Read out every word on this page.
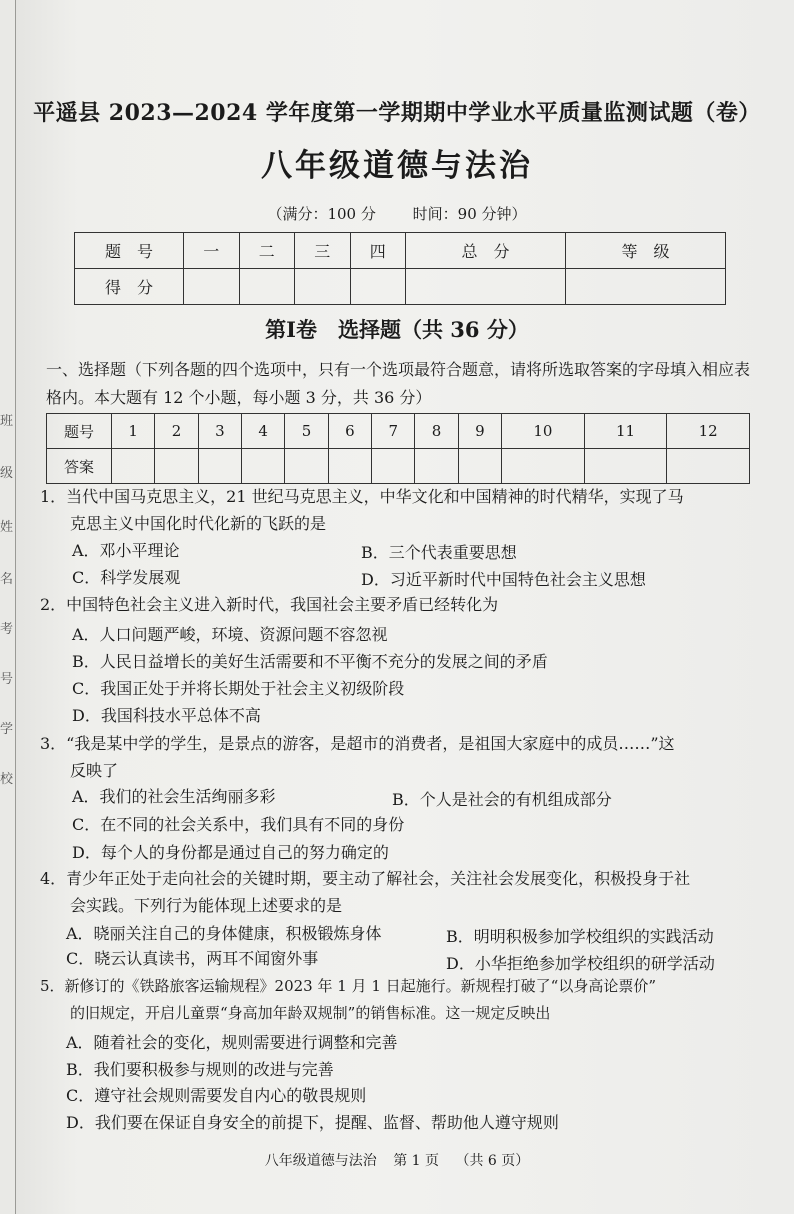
班
级
姓
名
考
号
学
校
平遥县 2023—2024 学年度第一学期期中学业水平质量监测试题（卷）
八年级道德与法治
（满分：100 分 时间：90 分钟）
题　号	一	二	三	四	总　分	等　级
得　分						
第Ⅰ卷　选择题（共 36 分）
一、选择题（下列各题的四个选项中，只有一个选项最符合题意，请将所选取答案的字母填入相应表格内。本大题有 12 个小题，每小题 3 分，共 36 分）
题号	1	2	3	4	5	6	7	8	9	10	11	12
答案												
1．当代中国马克思主义，21 世纪马克思主义，中华文化和中国精神的时代精华，实现了马
克思主义中国化时代化新的飞跃的是
A．邓小平理论	B．三个代表重要思想
C．科学发展观	D．习近平新时代中国特色社会主义思想
2．中国特色社会主义进入新时代，我国社会主要矛盾已经转化为
A．人口问题严峻，环境、资源问题不容忽视
B．人民日益增长的美好生活需要和不平衡不充分的发展之间的矛盾
C．我国正处于并将长期处于社会主义初级阶段
D．我国科技水平总体不高
3．“我是某中学的学生，是景点的游客，是超市的消费者，是祖国大家庭中的成员……”这
反映了
A．我们的社会生活绚丽多彩	B．个人是社会的有机组成部分
C．在不同的社会关系中，我们具有不同的身份
D．每个人的身份都是通过自己的努力确定的
4．青少年正处于走向社会的关键时期，要主动了解社会，关注社会发展变化，积极投身于社
会实践。下列行为能体现上述要求的是
A．晓丽关注自己的身体健康，积极锻炼身体	B．明明积极参加学校组织的实践活动
C．晓云认真读书，两耳不闻窗外事	D．小华拒绝参加学校组织的研学活动
5．新修订的《铁路旅客运输规程》2023 年 1 月 1 日起施行。新规程打破了“以身高论票价”
的旧规定，开启儿童票“身高加年龄双规制”的销售标准。这一规定反映出
A．随着社会的变化，规则需要进行调整和完善
B．我们要积极参与规则的改进与完善
C．遵守社会规则需要发自内心的敬畏规则
D．我们要在保证自身安全的前提下，提醒、监督、帮助他人遵守规则
八年级道德与法治 第 1 页 （共 6 页）
